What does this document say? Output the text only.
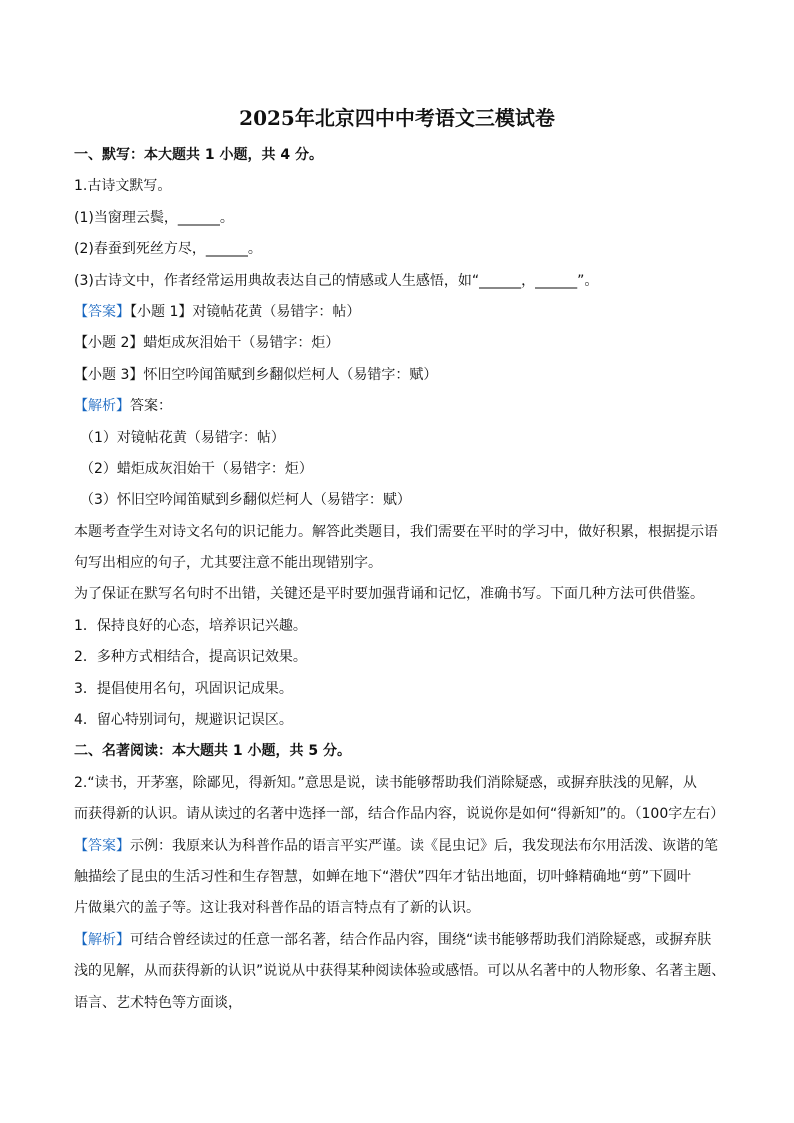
2025年北京四中中考语文三模试卷
一、默写：本大题共 1 小题，共 4 分。
1.古诗文默写。
(1)当窗理云鬓，______。
(2)春蚕到死丝方尽，______。
(3)古诗文中，作者经常运用典故表达自己的情感或人生感悟，如“______，______”。
【答案】【小题 1】对镜帖花黄（易错字：帖）
【小题 2】蜡炬成灰泪始干（易错字：炬）
【小题 3】怀旧空吟闻笛赋到乡翻似烂柯人（易错字：赋）
【解析】答案：
（1）对镜帖花黄（易错字：帖）
（2）蜡炬成灰泪始干（易错字：炬）
（3）怀旧空吟闻笛赋到乡翻似烂柯人（易错字：赋）
本题考查学生对诗文名句的识记能力。解答此类题目，我们需要在平时的学习中，做好积累，根据提示语
句写出相应的句子，尤其要注意不能出现错别字。
为了保证在默写名句时不出错，关键还是平时要加强背诵和记忆，准确书写。下面几种方法可供借鉴。
1．保持良好的心态，培养识记兴趣。
2．多种方式相结合，提高识记效果。
3．提倡使用名句，巩固识记成果。
4．留心特别词句，规避识记误区。
二、名著阅读：本大题共 1 小题，共 5 分。
2.“读书，开茅塞，除鄙见，得新知。”意思是说，读书能够帮助我们消除疑惑，或摒弃肤浅的见解，从
而获得新的认识。请从读过的名著中选择一部，结合作品内容，说说你是如何“得新知”的。（100字左右）
【答案】示例：我原来认为科普作品的语言平实严谨。读《昆虫记》后，我发现法布尔用活泼、诙谐的笔
触描绘了昆虫的生活习性和生存智慧，如蝉在地下“潜伏”四年才钻出地面，切叶蜂精确地“剪”下圆叶
片做巢穴的盖子等。这让我对科普作品的语言特点有了新的认识。
【解析】可结合曾经读过的任意一部名著，结合作品内容，围绕“读书能够帮助我们消除疑惑，或摒弃肤
浅的见解，从而获得新的认识”说说从中获得某种阅读体验或感悟。可以从名著中的人物形象、名著主题、
语言、艺术特色等方面谈，
